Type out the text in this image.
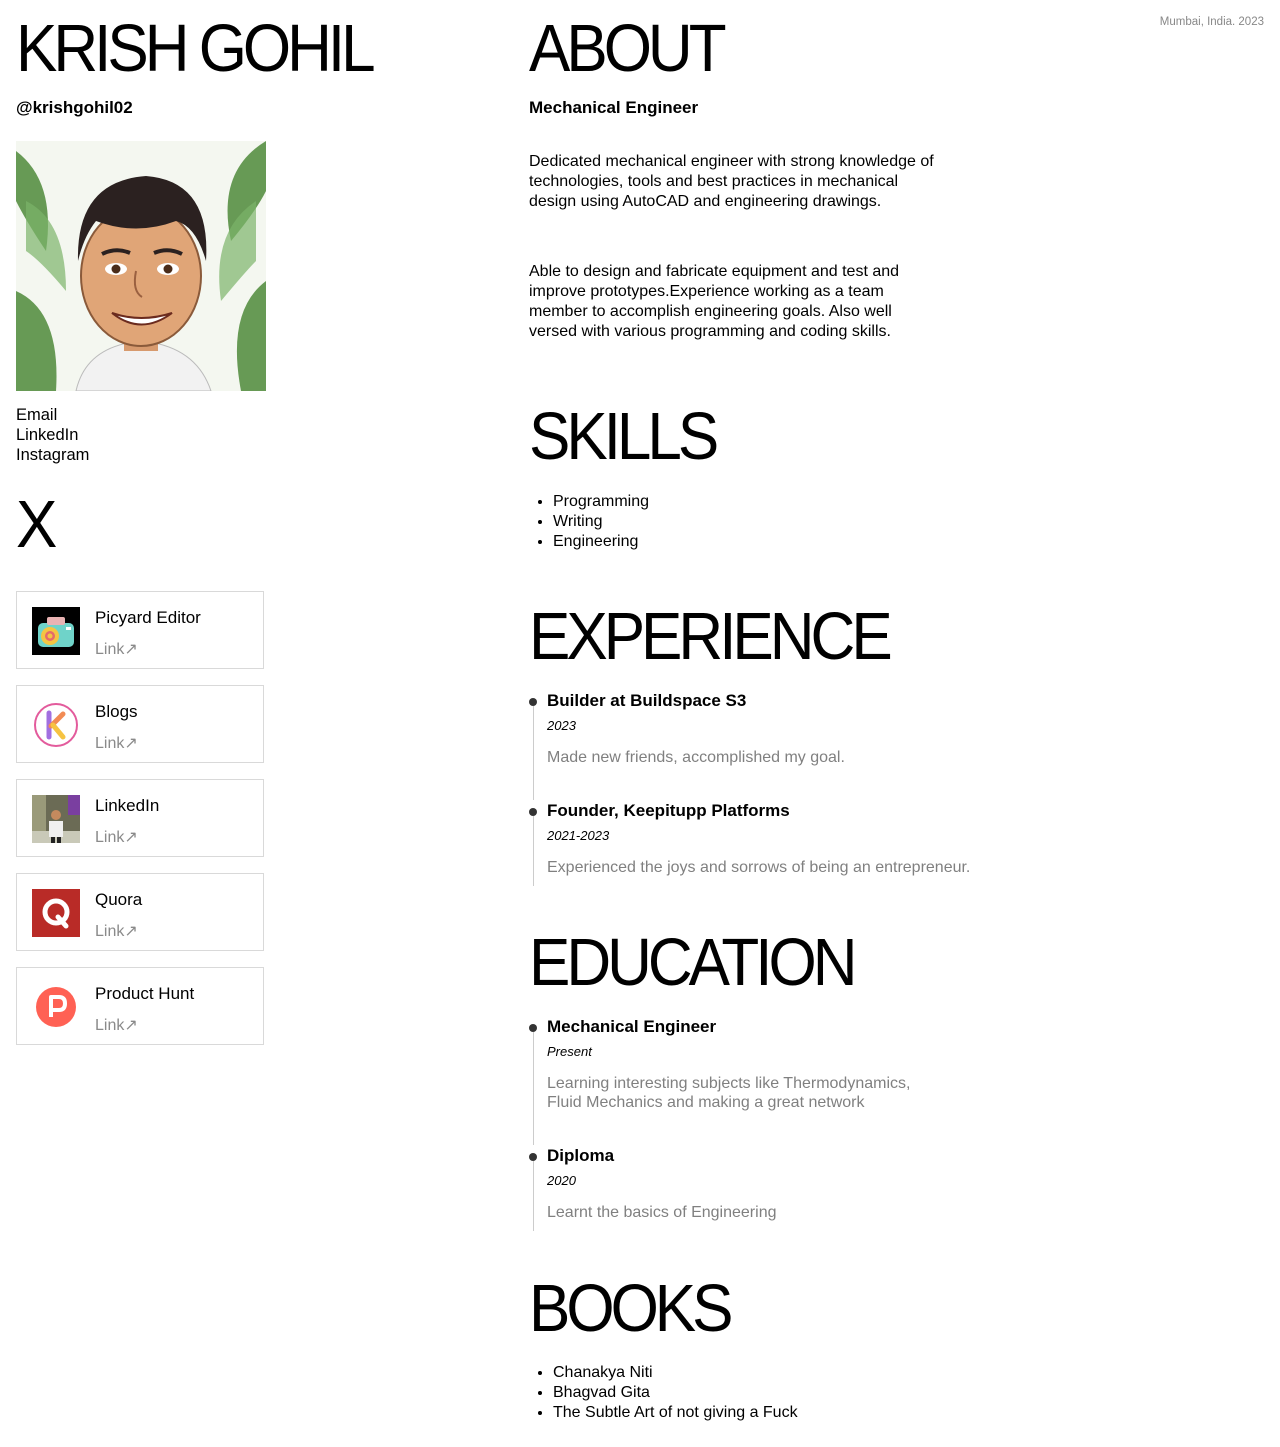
KRISH GOHIL
@krishgohil02
Email
LinkedIn
Instagram
X
Picyard Editor
Link↗
Blogs
Link↗
LinkedIn
Link↗
Quora
Link↗
Product Hunt
Link↗
Mumbai, India. 2023
ABOUT
Mechanical Engineer
Dedicated mechanical engineer with strong knowledge of technologies, tools and best practices in mechanical design using AutoCAD and engineering drawings.
Able to design and fabricate equipment and test and improve prototypes.Experience working as a team member to accomplish engineering goals. Also well versed with various programming and coding skills.
SKILLS
• Programming
• Writing
• Engineering
EXPERIENCE
Builder at Buildspace S3
2023
Made new friends, accomplished my goal.
Founder, Keepitupp Platforms
2021-2023
Experienced the joys and sorrows of being an entrepreneur.
EDUCATION
Mechanical Engineer
Present
Learning interesting subjects like Thermodynamics, Fluid Mechanics and making a great network
Diploma
2020
Learnt the basics of Engineering
BOOKS
• Chanakya Niti
• Bhagvad Gita
• The Subtle Art of not giving a Fuck
